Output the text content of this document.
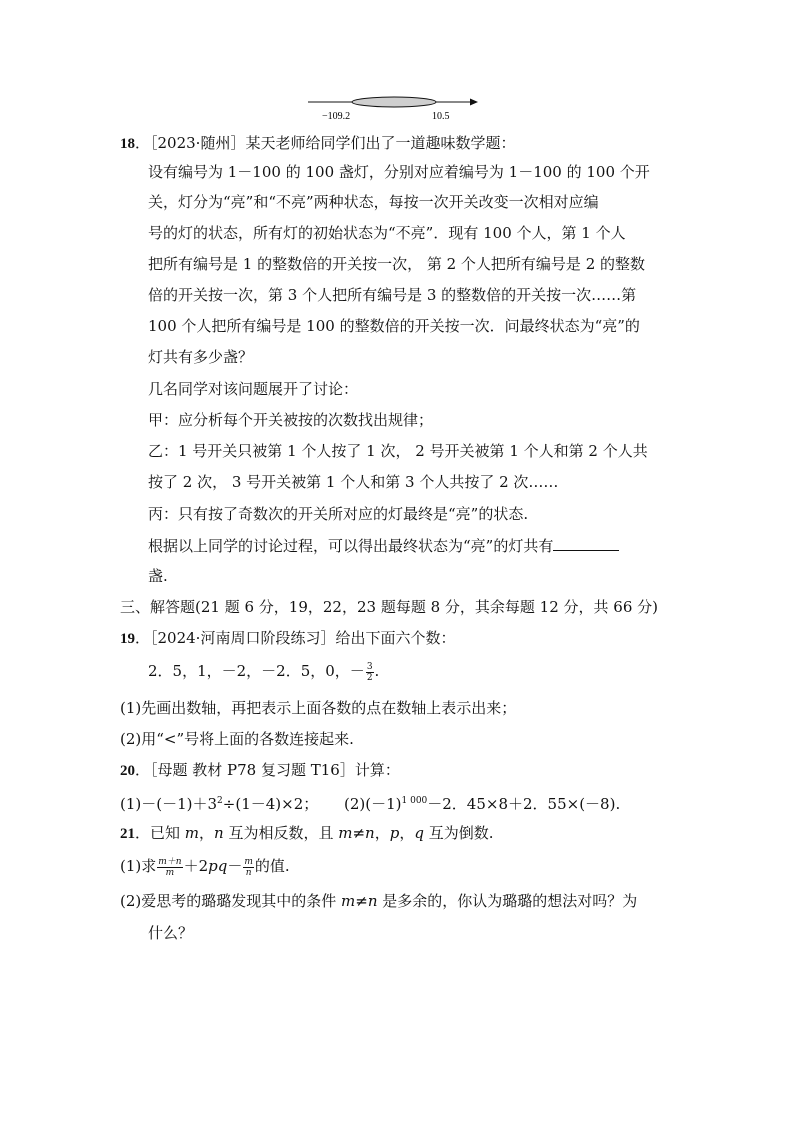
−109.2	10.5
18．［2023·随州］某天老师给同学们出了一道趣味数学题：
设有编号为 1－100 的 100 盏灯，分别对应着编号为 1－100 的 100 个开
关，灯分为“亮”和“不亮”两种状态，每按一次开关改变一次相对应编
号的灯的状态，所有灯的初始状态为“不亮”．现有 100 个人，第 1 个人
把所有编号是 1 的整数倍的开关按一次， 第 2 个人把所有编号是 2 的整数
倍的开关按一次，第 3 个人把所有编号是 3 的整数倍的开关按一次……第
100 个人把所有编号是 100 的整数倍的开关按一次．问最终状态为“亮”的
灯共有多少盏？
几名同学对该问题展开了讨论：
甲：应分析每个开关被按的次数找出规律；
乙：1 号开关只被第 1 个人按了 1 次， 2 号开关被第 1 个人和第 2 个人共
按了 2 次， 3 号开关被第 1 个人和第 3 个人共按了 2 次……
丙：只有按了奇数次的开关所对应的灯最终是“亮”的状态.
根据以上同学的讨论过程，可以得出最终状态为“亮”的灯共有
盏.
三、解答题(21 题 6 分，19，22，23 题每题 8 分，其余每题 12 分，共 66 分)
19．［2024·河南周口阶段练习］给出下面六个数：
2．5，1，－2，－2．5，0，－ $\frac{3}{2}$ .
(1)先画出数轴，再把表示上面各数的点在数轴上表示出来；
(2)用“<”号将上面的各数连接起来.
20．［母题 教材 P78 复习题 T16］计算：
$(1)-(-1)+3^2\div(1-4)\times 2$； $(2)(-1)^{1 000}-2$．45×8＋2．55×(－8).
21．已知 m，n 互为相反数，且 m≠n，p，q 互为倒数.
(1)求 $\frac{m+n}{m} +2pq- \frac{m}{n}$ 的值.
(2)爱思考的璐璐发现其中的条件 m≠n 是多余的，你认为璐璐的想法对吗？为
什么？
